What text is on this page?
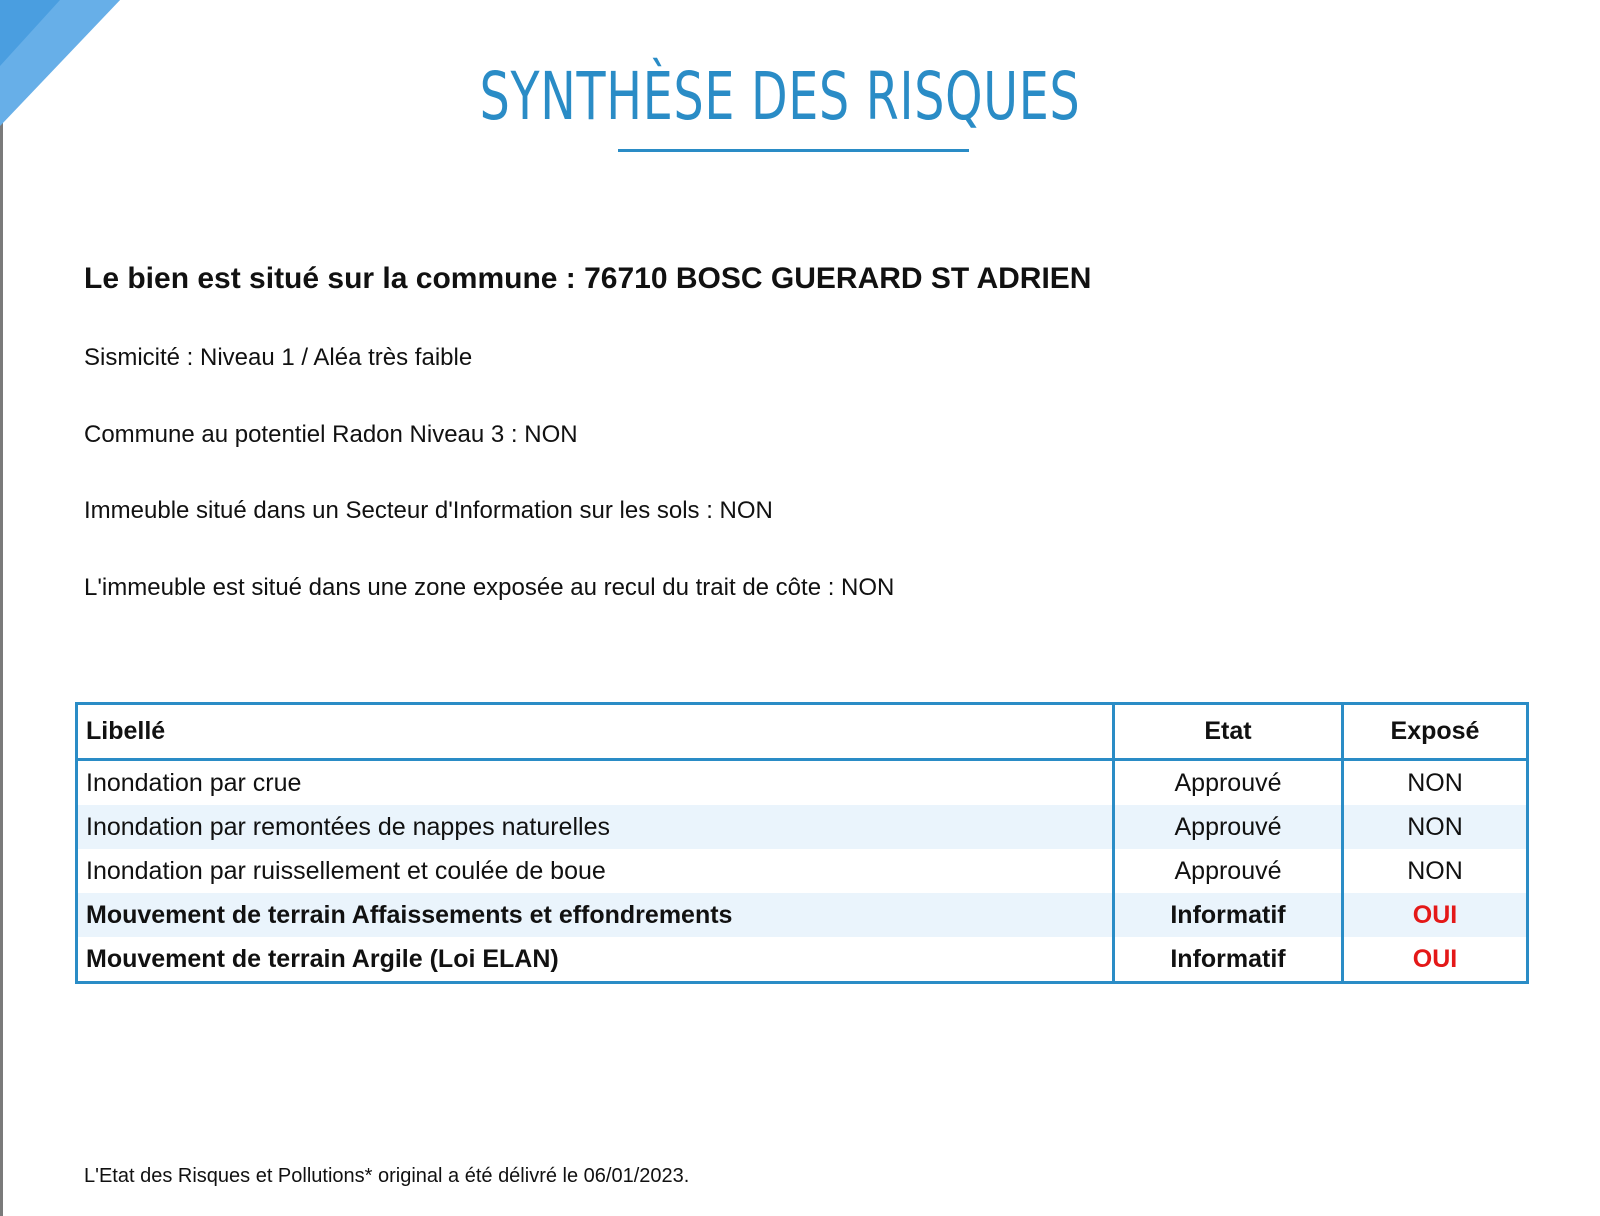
SYNTHÈSE DES RISQUES
Le bien est situé sur la commune : 76710 BOSC GUERARD ST ADRIEN
Sismicité : Niveau 1 / Aléa très faible
Commune au potentiel Radon Niveau 3 : NON
Immeuble situé dans un Secteur d'Information sur les sols : NON
L'immeuble est situé dans une zone exposée au recul du trait de côte : NON
Libellé	Etat	Exposé
Inondation par crue	Approuvé	NON
Inondation par remontées de nappes naturelles	Approuvé	NON
Inondation par ruissellement et coulée de boue	Approuvé	NON
Mouvement de terrain Affaissements et effondrements	Informatif	OUI
Mouvement de terrain Argile (Loi ELAN)	Informatif	OUI
L'Etat des Risques et Pollutions* original a été délivré le 06/01/2023.
